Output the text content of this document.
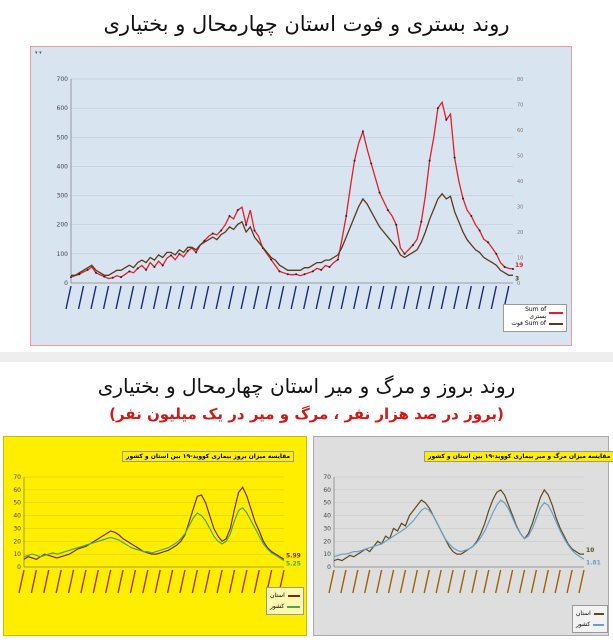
روند بستری و فوت استان چهارمحال و بختیاری
▾ ▾
0
100
200
300
400
500
600
700
0
10
20
30
40
50
60
70
80
19
3
Sum of بستری
Sum of فوت
روند بروز و مرگ و میر استان چهارمحال و بختیاری
(بروز در صد هزار نفر ، مرگ و میر در یک میلیون نفر)
مقایسه میزان بروز بیماری کووید-۱۹ بین استان و کشور
0
10
20
30
40
50
60
70
5.99
5.25
استان
کشور
مقایسه میزان مرگ و میر بیماری کووید-۱۹ بین استان و کشور
0
10
20
30
40
50
60
70
10
1.81
استان
کشور
